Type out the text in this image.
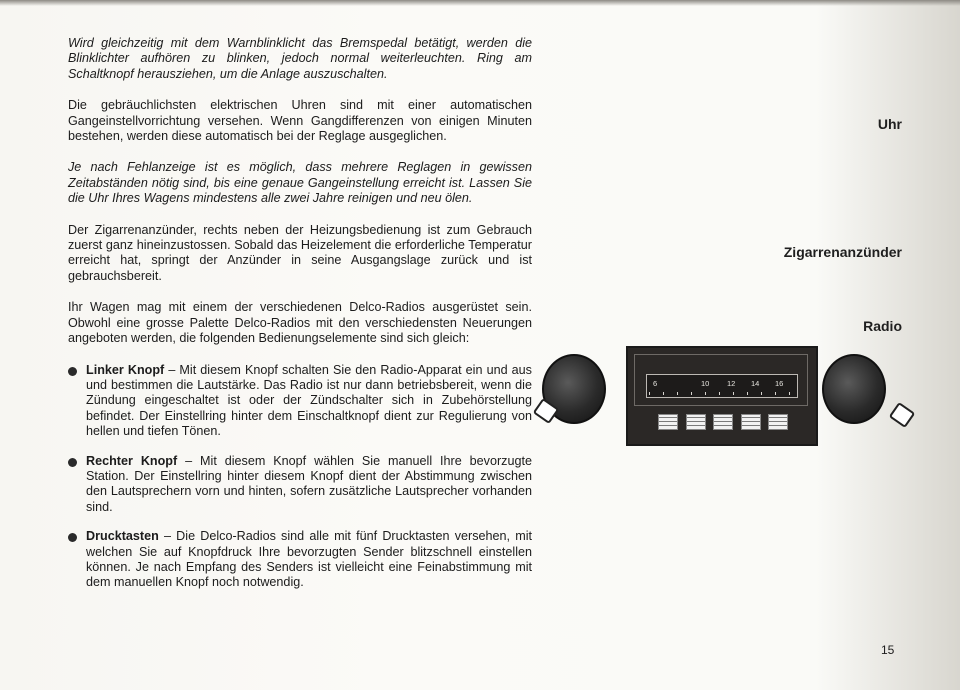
Wird gleichzeitig mit dem Warnblinklicht das Bremspedal betätigt, werden die Blinklichter aufhören zu blinken, jedoch normal weiterleuchten. Ring am Schaltknopf herausziehen, um die Anlage auszuschalten.

Die gebräuchlichsten elektrischen Uhren sind mit einer automatischen Gangeinstellvorrichtung versehen. Wenn Gangdifferenzen von einigen Minuten bestehen, werden diese automatisch bei der Reglage ausgeglichen.

Je nach Fehlanzeige ist es möglich, dass mehrere Reglagen in gewissen Zeitabständen nötig sind, bis eine genaue Gangeinstellung erreicht ist. Lassen Sie die Uhr Ihres Wagens mindestens alle zwei Jahre reinigen und neu ölen.

Der Zigarrenanzünder, rechts neben der Heizungsbedienung ist zum Gebrauch zuerst ganz hineinzustossen. Sobald das Heizelement die erforderliche Temperatur erreicht hat, springt der Anzünder in seine Ausgangslage zurück und ist gebrauchsbereit.

Ihr Wagen mag mit einem der verschiedenen Delco-Radios ausgerüstet sein. Obwohl eine grosse Palette Delco-Radios mit den verschiedensten Neuerungen angeboten werden, die folgenden Bedienungselemente sind sich gleich:

Linker Knopf – Mit diesem Knopf schalten Sie den Radio-Apparat ein und aus und bestimmen die Lautstärke. Das Radio ist nur dann betriebsbereit, wenn die Zündung eingeschaltet ist oder der Zündschalter sich in Zubehörstellung befindet. Der Einstellring hinter dem Einschaltknopf dient zur Regulierung von hellen und tiefen Tönen.
Rechter Knopf – Mit diesem Knopf wählen Sie manuell Ihre bevorzugte Station. Der Einstellring hinter diesem Knopf dient der Abstimmung zwischen den Lautsprechern vorn und hinten, sofern zusätzliche Lautsprecher vorhanden sind.
Drucktasten – Die Delco-Radios sind alle mit fünf Drucktasten versehen, mit welchen Sie auf Knopfdruck Ihre bevorzugten Sender blitzschnell einstellen können. Je nach Empfang des Senders ist vielleicht eine Feinabstimmung mit dem manuellen Knopf noch notwendig.
Uhr
Zigarrenanzünder
Radio
6	10 12 14 16
15
